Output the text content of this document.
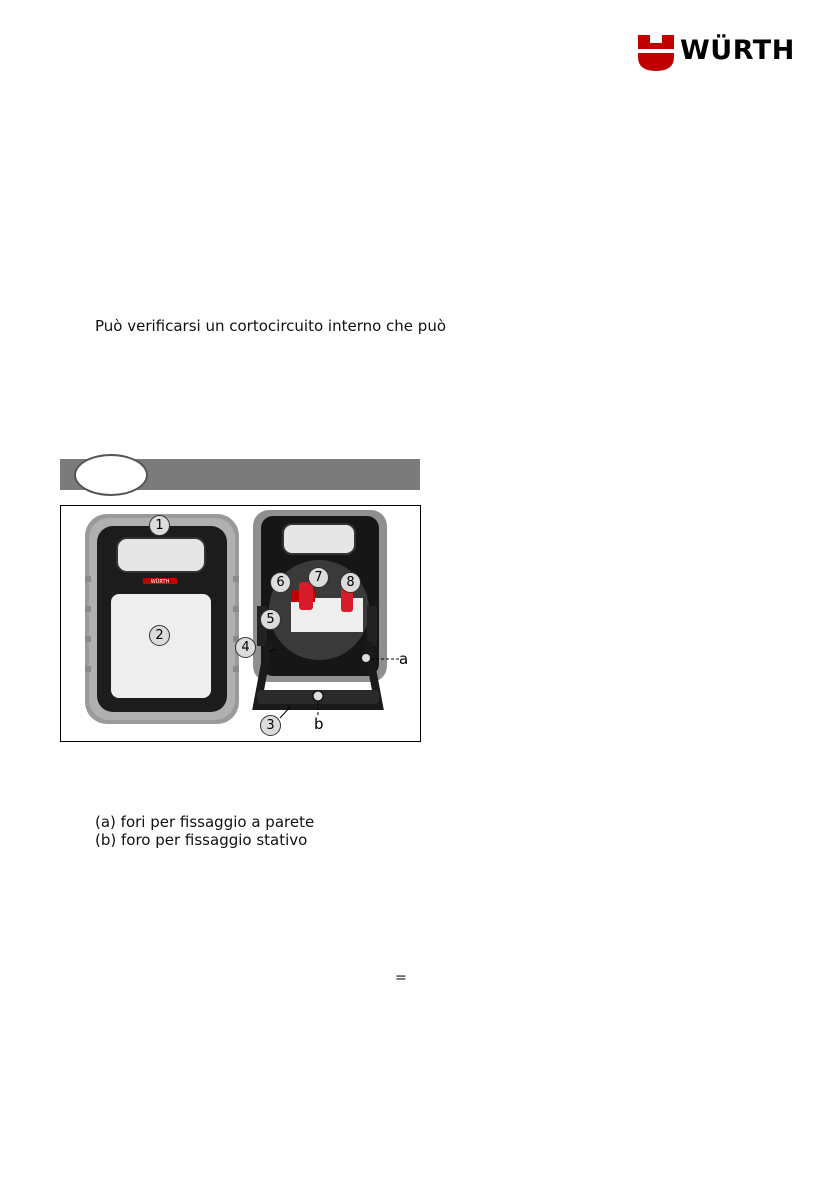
WÜRTH
Può verificarsi un cortocircuito interno che può
WÜRTH
1
2
3
4
5
6	7	8
a
b
(a) fori per fissaggio a parete
(b) foro per fissaggio stativo
=
